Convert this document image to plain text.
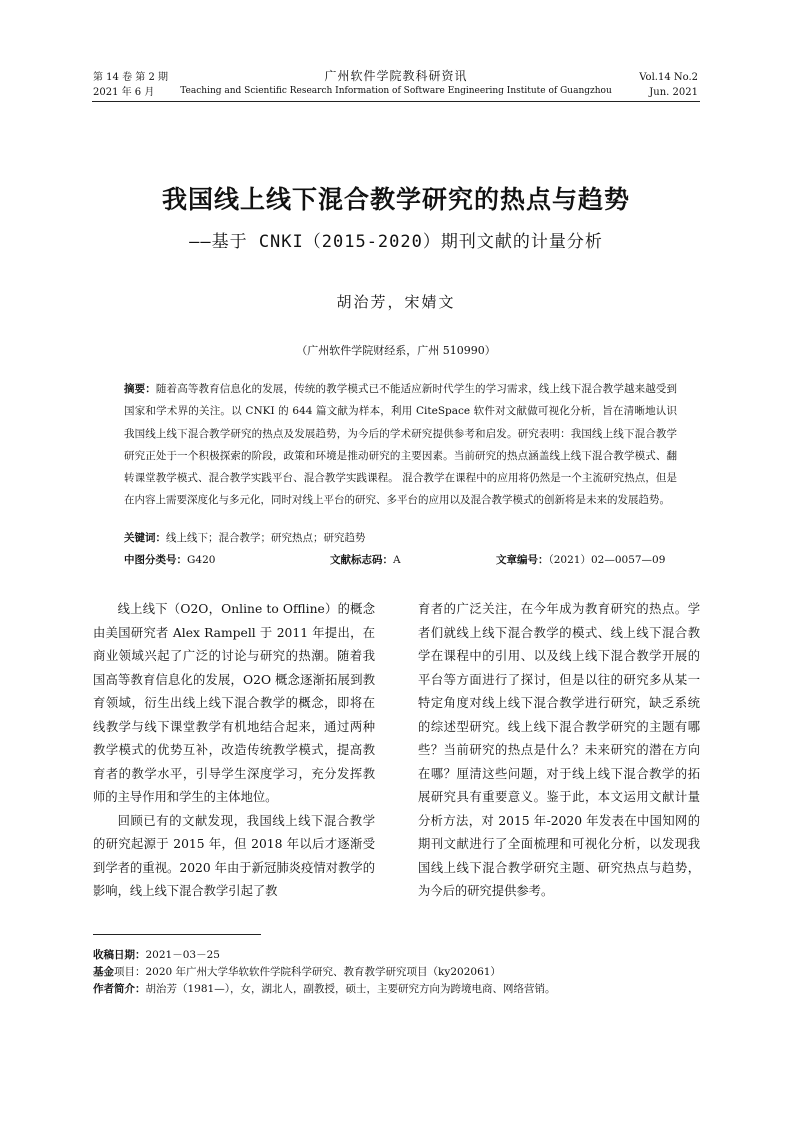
第 14 卷 第 2 期
2021 年 6 月
广州软件学院教科研资讯
Teaching and Scientific Research Information of Software Engineering Institute of Guangzhou
Vol.14 No.2
Jun. 2021
我国线上线下混合教学研究的热点与趋势
——基于 CNKI（2015-2020）期刊文献的计量分析
胡治芳，宋婧文
（广州软件学院财经系，广州 510990）
摘要：随着高等教育信息化的发展，传统的教学模式已不能适应新时代学生的学习需求，线上线下混合教学越来越受到国家和学术界的关注。以 CNKI 的 644 篇文献为样本，利用 CiteSpace 软件对文献做可视化分析，旨在清晰地认识我国线上线下混合教学研究的热点及发展趋势，为今后的学术研究提供参考和启发。研究表明：我国线上线下混合教学研究正处于一个积极探索的阶段，政策和环境是推动研究的主要因素。当前研究的热点涵盖线上线下混合教学模式、翻转课堂教学模式、混合教学实践平台、混合教学实践课程。 混合教学在课程中的应用将仍然是一个主流研究热点，但是在内容上需要深度化与多元化，同时对线上平台的研究、多平台的应用以及混合教学模式的创新将是未来的发展趋势。
关键词：线上线下；混合教学；研究热点；研究趋势
中图分类号：G420	文献标志码：A	文章编号：（2021）02—0057—09

线上线下（O2O，Online to Offline）的概念由美国研究者 Alex Rampell 于 2011 年提出，在商业领域兴起了广泛的讨论与研究的热潮。随着我国高等教育信息化的发展，O2O 概念逐渐拓展到教育领域，衍生出线上线下混合教学的概念，即将在线教学与线下课堂教学有机地结合起来，通过两种教学模式的优势互补，改造传统教学模式，提高教育者的教学水平，引导学生深度学习，充分发挥教师的主导作用和学生的主体地位。

回顾已有的文献发现，我国线上线下混合教学的研究起源于 2015 年，但 2018 年以后才逐渐受到学者的重视。2020 年由于新冠肺炎疫情对教学的影响，线上线下混合教学引起了教

育者的广泛关注，在今年成为教育研究的热点。学者们就线上线下混合教学的模式、线上线下混合教学在课程中的引用、以及线上线下混合教学开展的平台等方面进行了探讨，但是以往的研究多从某一特定角度对线上线下混合教学进行研究，缺乏系统的综述型研究。线上线下混合教学研究的主题有哪些？当前研究的热点是什么？未来研究的潜在方向在哪？厘清这些问题，对于线上线下混合教学的拓展研究具有重要意义。鉴于此，本文运用文献计量分析方法，对 2015 年-2020 年发表在中国知网的期刊文献进行了全面梳理和可视化分析，以发现我国线上线下混合教学研究主题、研究热点与趋势，为今后的研究提供参考。

收稿日期：2021－03－25
基金项目：2020 年广州大学华软软件学院科学研究、教育教学研究项目（ky202061）
作者简介：胡治芳（1981—），女，湖北人，副教授，硕士，主要研究方向为跨境电商、网络营销。
